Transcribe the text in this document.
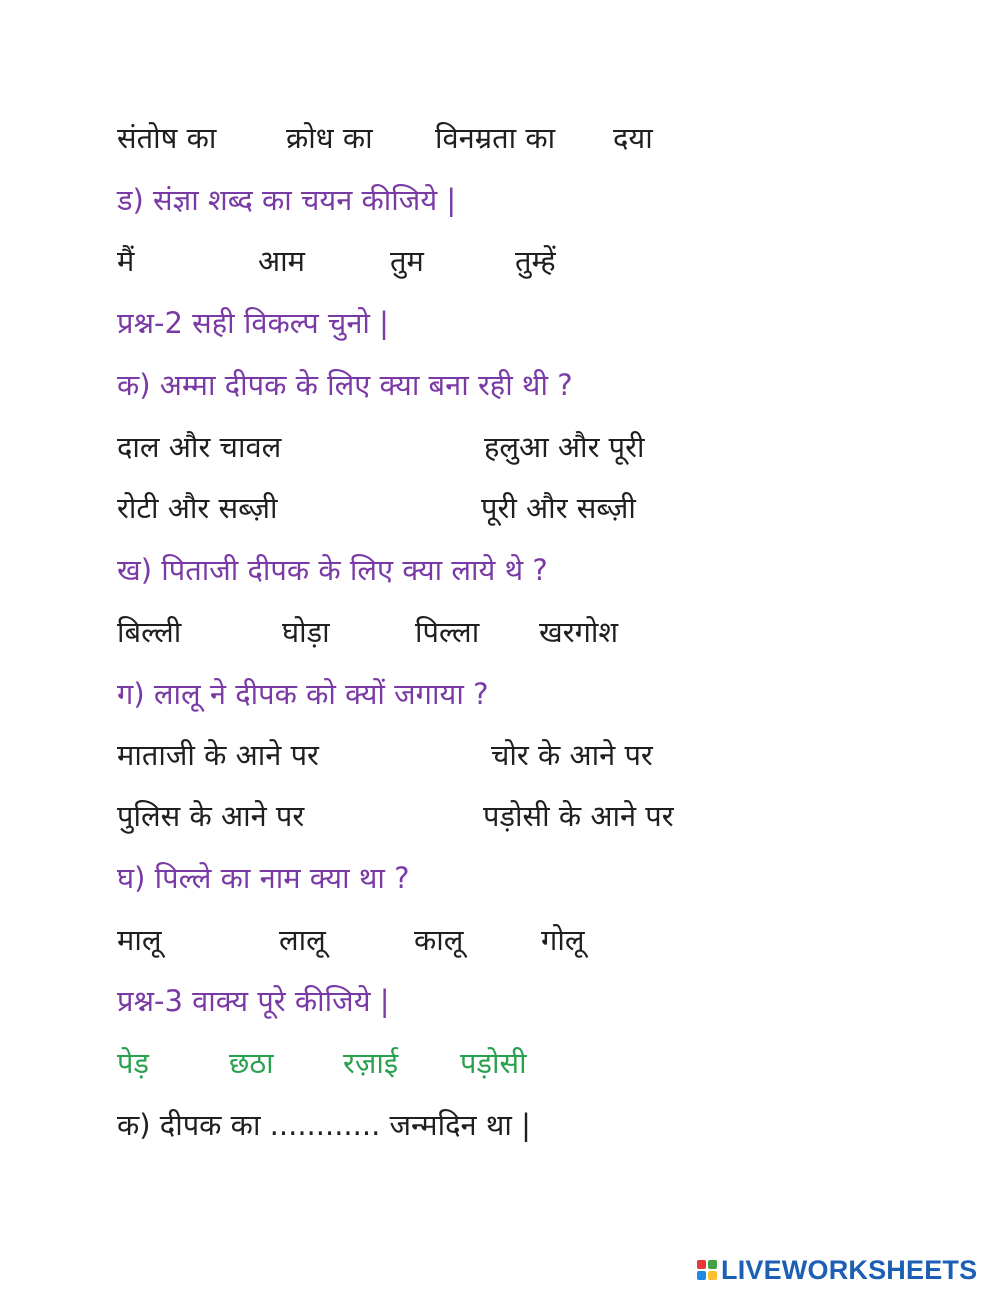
संतोष का क्रोध का विनम्रता का दया
ड) संज्ञा शब्द का चयन कीजिये |
मैं	आम	तुम	तुम्हें
प्रश्न-2 सही विकल्प चुनो |
क) अम्मा दीपक के लिए क्या बना रही थी ?
दाल और चावल	हलुआ और पूरी
रोटी और सब्ज़ी	पूरी और सब्ज़ी
ख) पिताजी दीपक के लिए क्या लाये थे ?
बिल्ली	घोड़ा	पिल्ला खरगोश
ग) लालू ने दीपक को क्यों जगाया ?
माताजी के आने पर	चोर के आने पर
पुलिस के आने पर	पड़ोसी के आने पर
घ) पिल्ले का नाम क्या था ?
मालू	लालू	कालू	गोलू
प्रश्न-3 वाक्य पूरे कीजिये |
पेड़	छठा रज़ाई पड़ोसी
क) दीपक का ............ जन्मदिन था |
LIVEWORKSHEETS
